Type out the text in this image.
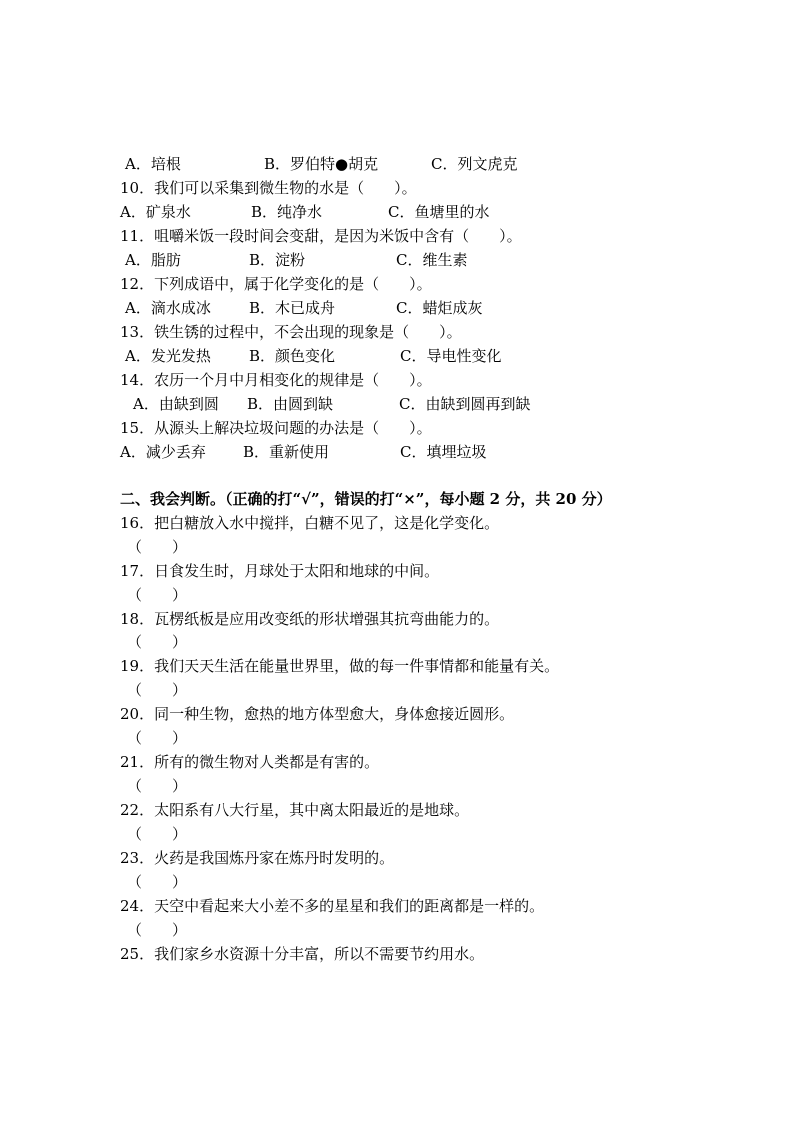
A．培根	B．罗伯特●胡克	C．列文虎克
10．我们可以采集到微生物的水是（　　）。
A．矿泉水	B．纯净水	C．鱼塘里的水
11．咀嚼米饭一段时间会变甜，是因为米饭中含有（　　）。
A．脂肪	B．淀粉	C．维生素
12．下列成语中，属于化学变化的是（　　）。
A．滴水成冰	B．木已成舟	C．蜡炬成灰
13．铁生锈的过程中，不会出现的现象是（　　）。
A．发光发热	B．颜色变化	C．导电性变化
14．农历一个月中月相变化的规律是（　　）。
A．由缺到圆 B．由圆到缺	C．由缺到圆再到缺
15．从源头上解决垃圾问题的办法是（　　）。
A．减少丢弃 B．重新使用	C．填埋垃圾
二、我会判断。（正确的打“√”，错误的打“×”，每小题 2 分，共 20 分）
16．把白糖放入水中搅拌，白糖不见了，这是化学变化。
（　　）
17．日食发生时，月球处于太阳和地球的中间。
（　　）
18．瓦楞纸板是应用改变纸的形状增强其抗弯曲能力的。
（　　）
19．我们天天生活在能量世界里，做的每一件事情都和能量有关。
（　　）
20．同一种生物，愈热的地方体型愈大，身体愈接近圆形。
（　　）
21．所有的微生物对人类都是有害的。
（　　）
22．太阳系有八大行星，其中离太阳最近的是地球。
（　　）
23．火药是我国炼丹家在炼丹时发明的。
（　　）
24．天空中看起来大小差不多的星星和我们的距离都是一样的。
（　　）
25．我们家乡水资源十分丰富，所以不需要节约用水。
